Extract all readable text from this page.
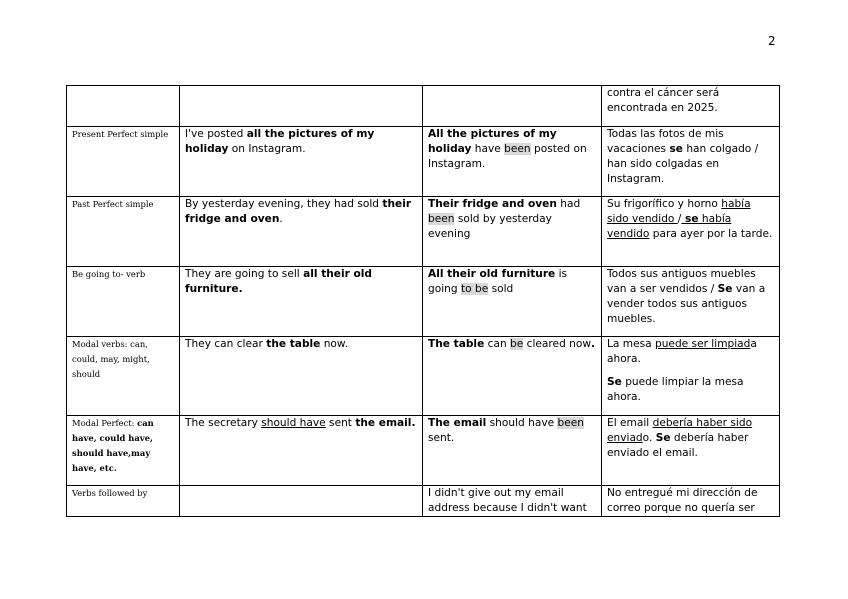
2

			contra el cáncer será encontrada en 2025.

Present Perfect simple	I've posted all the pictures of my holiday on Instagram.	All the pictures of my holiday have been posted on Instagram.	Todas las fotos de mis vacaciones se han colgado / han sido colgadas en Instagram.

Past Perfect simple	By yesterday evening, they had sold their fridge and oven.	Their fridge and oven had been sold by yesterday evening	Su frigorífico y horno había sido vendido / se había vendido para ayer por la tarde.

Be going to- verb	They are going to sell all their old furniture.	All their old furniture is going to be sold	Todos sus antiguos muebles van a ser vendidos / Se van a vender todos sus antiguos muebles.

Modal verbs: can, could, may, might, should	They can clear the table now.	The table can be cleared now.	La mesa puede ser limpiada ahora.

Se puede limpiar la mesa ahora.

Modal Perfect: can have, could have, should have,may have, etc.	The secretary should have sent the email.	The email should have been sent.	El email debería haber sido enviado. Se debería haber enviado el email.

Verbs followed by		I didn't give out my email address because I didn't want	No entregué mi dirección de correo porque no quería ser
